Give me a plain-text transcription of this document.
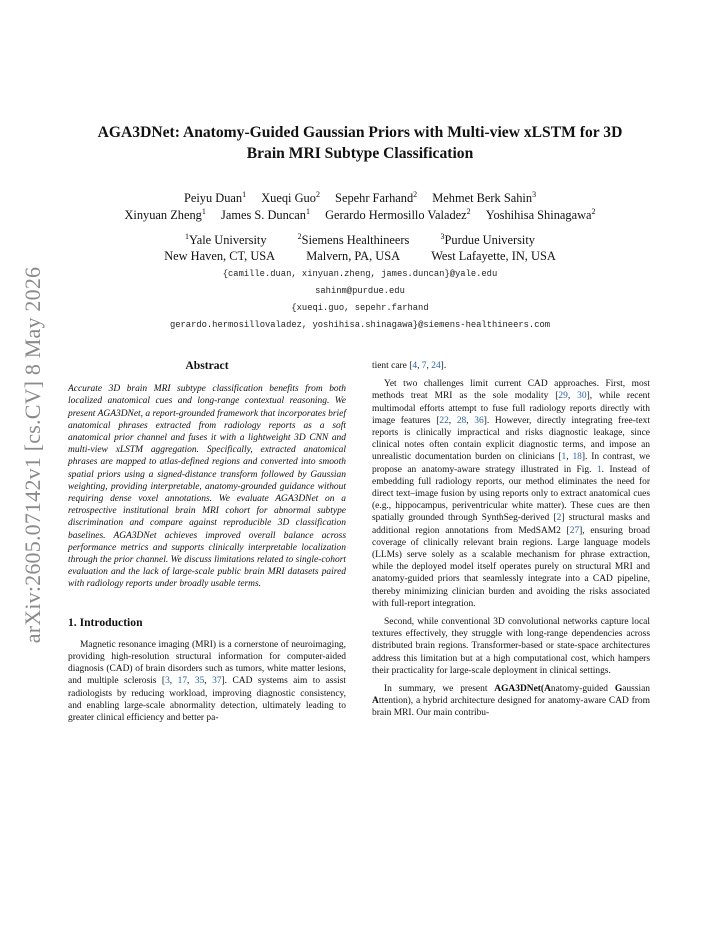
arXiv:2605.07142v1 [cs.CV] 8 May 2026
AGA3DNet: Anatomy-Guided Gaussian Priors with Multi-view xLSTM for 3D
Brain MRI Subtype Classification
Peiyu Duan$^1$ Xueqi Guo$^2$ Sepehr Farhand$^2$ Mehmet Berk Sahin$^3$
Xinyuan Zheng$^1$ James S. Duncan$^1$ Gerardo Hermosillo Valadez$^2$ Yoshihisa Shinagawa$^2$
$^1$Yale University	$^2$Siemens Healthineers	$^3$Purdue University
New Haven, CT, USA	Malvern, PA, USA	West Lafayette, IN, USA
{camille.duan, xinyuan.zheng, james.duncan}@yale.edu
sahinm@purdue.edu
{xueqi.guo, sepehr.farhand
gerardo.hermosillovaladez, yoshihisa.shinagawa}@siemens-healthineers.com
Abstract

Accurate 3D brain MRI subtype classification benefits from both localized anatomical cues and long-range contextual reasoning. We present AGA3DNet, a report-grounded framework that incorporates brief anatomical phrases extracted from radiology reports as a soft anatomical prior channel and fuses it with a lightweight 3D CNN and multi-view xLSTM aggregation. Specifically, extracted anatomical phrases are mapped to atlas-defined regions and converted into smooth spatial priors using a signed-distance transform followed by Gaussian weighting, providing interpretable, anatomy-grounded guidance without requiring dense voxel annotations. We evaluate AGA3DNet on a retrospective institutional brain MRI cohort for abnormal subtype discrimination and compare against reproducible 3D classification baselines. AGA3DNet achieves improved overall balance across performance metrics and supports clinically interpretable localization through the prior channel. We discuss limitations related to single-cohort evaluation and the lack of large-scale public brain MRI datasets paired with radiology reports under broadly usable terms.

1. Introduction

Magnetic resonance imaging (MRI) is a cornerstone of neuroimaging, providing high-resolution structural information for computer-aided diagnosis (CAD) of brain disorders such as tumors, white matter lesions, and multiple sclerosis [3, 17, 35, 37]. CAD systems aim to assist radiologists by reducing workload, improving diagnostic consistency, and enabling large-scale abnormality detection, ultimately leading to greater clinical efficiency and better pa-

tient care [4, 7, 24].

Yet two challenges limit current CAD approaches. First, most methods treat MRI as the sole modality [29, 30], while recent multimodal efforts attempt to fuse full radiology reports directly with image features [22, 28, 36]. However, directly integrating free-text reports is clinically impractical and risks diagnostic leakage, since clinical notes often contain explicit diagnostic terms, and impose an unrealistic documentation burden on clinicians [1, 18]. In contrast, we propose an anatomy-aware strategy illustrated in Fig. 1. Instead of embedding full radiology reports, our method eliminates the need for direct text–image fusion by using reports only to extract anatomical cues (e.g., hippocampus, periventricular white matter). These cues are then spatially grounded through SynthSeg-derived [2] structural masks and additional region annotations from MedSAM2 [27], ensuring broad coverage of clinically relevant brain regions. Large language models (LLMs) serve solely as a scalable mechanism for phrase extraction, while the deployed model itself operates purely on structural MRI and anatomy-guided priors that seamlessly integrate into a CAD pipeline, thereby minimizing clinician burden and avoiding the risks associated with full-report integration.

Second, while conventional 3D convolutional networks capture local textures effectively, they struggle with long-range dependencies across distributed brain regions. Transformer-based or state-space architectures address this limitation but at a high computational cost, which hampers their practicality for large-scale deployment in clinical settings.

In summary, we present AGA3DNet(Anatomy-guided Gaussian Attention), a hybrid architecture designed for anatomy-aware CAD from brain MRI. Our main contribu-
